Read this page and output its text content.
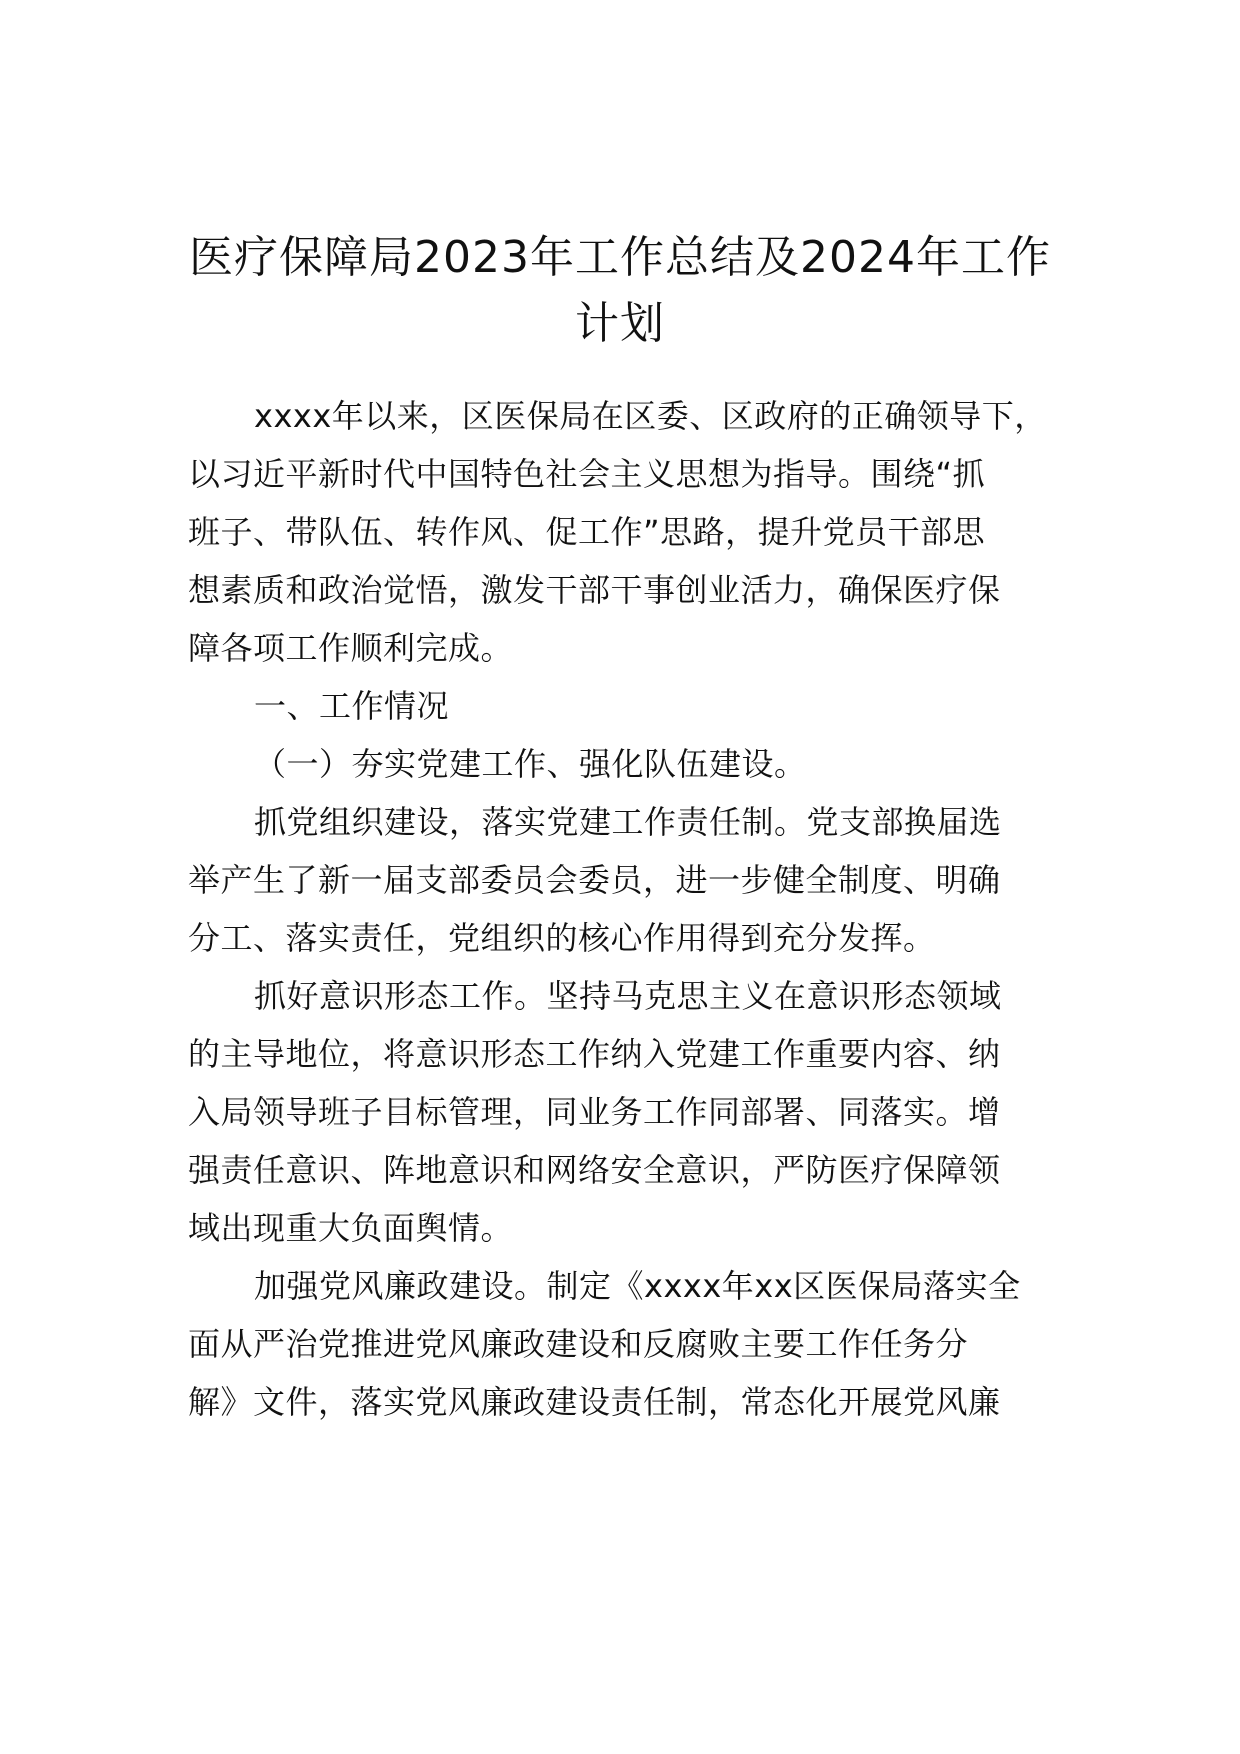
医疗保障局2023年工作总结及2024年工作
计划

xxxx年以来，区医保局在区委、区政府的正确领导下，

以习近平新时代中国特色社会主义思想为指导。围绕“抓

班子、带队伍、转作风、促工作”思路，提升党员干部思

想素质和政治觉悟，激发干部干事创业活力，确保医疗保

障各项工作顺利完成。

一、工作情况

（一）夯实党建工作、强化队伍建设。

抓党组织建设，落实党建工作责任制。党支部换届选

举产生了新一届支部委员会委员，进一步健全制度、明确

分工、落实责任，党组织的核心作用得到充分发挥。

抓好意识形态工作。坚持马克思主义在意识形态领域

的主导地位，将意识形态工作纳入党建工作重要内容、纳

入局领导班子目标管理，同业务工作同部署、同落实。增

强责任意识、阵地意识和网络安全意识，严防医疗保障领

域出现重大负面舆情。

加强党风廉政建设。制定《xxxx年xx区医保局落实全

面从严治党推进党风廉政建设和反腐败主要工作任务分

解》文件，落实党风廉政建设责任制，常态化开展党风廉
